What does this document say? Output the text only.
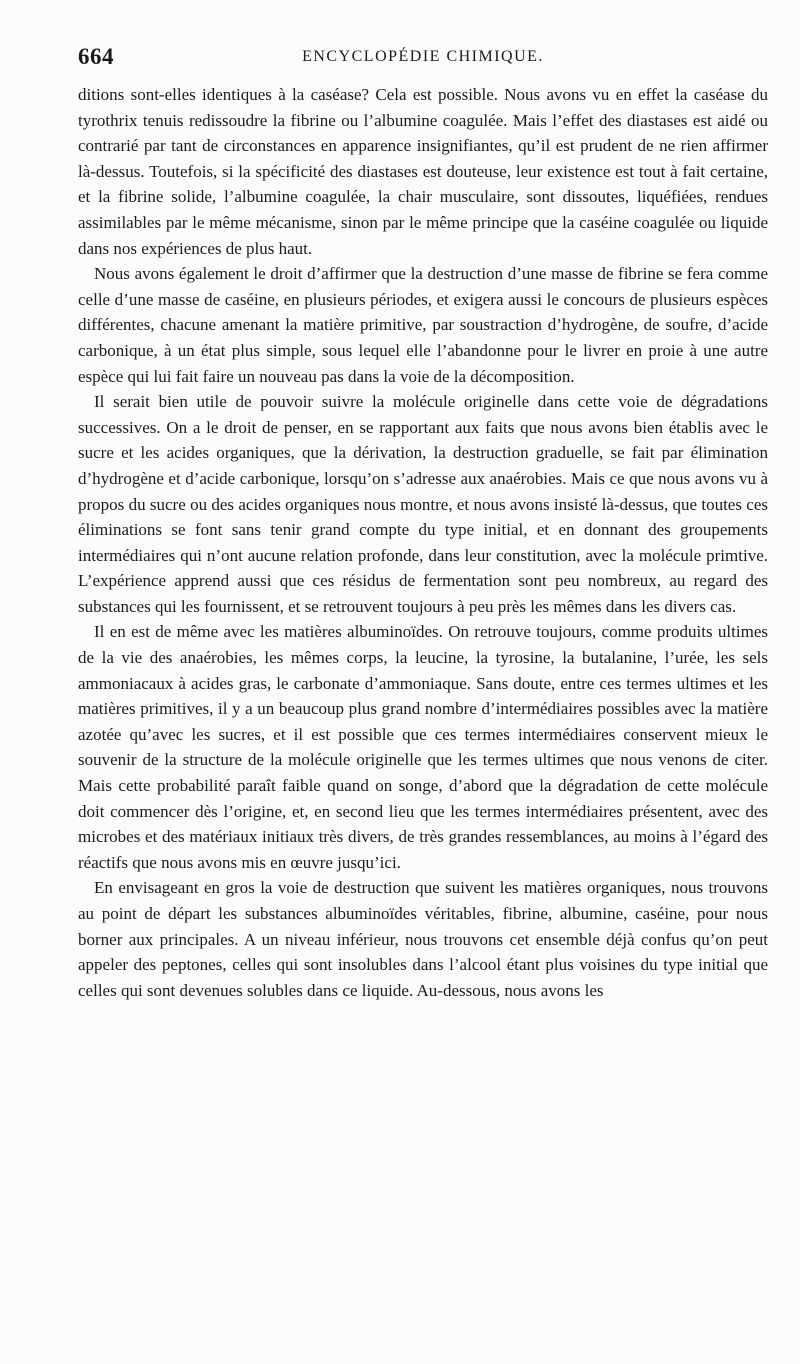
664	ENCYCLOPÉDIE CHIMIQUE.

ditions sont-elles identiques à la caséase? Cela est possible. Nous avons vu en effet la caséase du tyrothrix tenuis redissoudre la fibrine ou l’albumine coagulée. Mais l’effet des diastases est aidé ou contrarié par tant de circonstances en apparence insignifiantes, qu’il est prudent de ne rien affirmer là-dessus. Toutefois, si la spécificité des diastases est douteuse, leur existence est tout à fait certaine, et la fibrine solide, l’albumine coagulée, la chair musculaire, sont dissoutes, liquéfiées, rendues assimilables par le même mécanisme, sinon par le même principe que la caséine coagulée ou liquide dans nos expériences de plus haut.

Nous avons également le droit d’affirmer que la destruction d’une masse de fibrine se fera comme celle d’une masse de caséine, en plusieurs périodes, et exigera aussi le concours de plusieurs espèces différentes, chacune amenant la matière primitive, par soustraction d’hydrogène, de soufre, d’acide carbonique, à un état plus simple, sous lequel elle l’abandonne pour le livrer en proie à une autre espèce qui lui fait faire un nouveau pas dans la voie de la décomposition.

Il serait bien utile de pouvoir suivre la molécule originelle dans cette voie de dégradations successives. On a le droit de penser, en se rapportant aux faits que nous avons bien établis avec le sucre et les acides organiques, que la dérivation, la destruction graduelle, se fait par élimination d’hydrogène et d’acide carbonique, lorsqu’on s’adresse aux anaérobies. Mais ce que nous avons vu à propos du sucre ou des acides organiques nous montre, et nous avons insisté là-dessus, que toutes ces éliminations se font sans tenir grand compte du type initial, et en donnant des groupements intermédiaires qui n’ont aucune relation profonde, dans leur constitution, avec la molécule primtive. L’expérience apprend aussi que ces résidus de fermentation sont peu nombreux, au regard des substances qui les fournissent, et se retrouvent toujours à peu près les mêmes dans les divers cas.

Il en est de même avec les matières albuminoïdes. On retrouve toujours, comme produits ultimes de la vie des anaérobies, les mêmes corps, la leucine, la tyrosine, la butalanine, l’urée, les sels ammoniacaux à acides gras, le carbonate d’ammoniaque. Sans doute, entre ces termes ultimes et les matières primitives, il y a un beaucoup plus grand nombre d’intermédiaires possibles avec la matière azotée qu’avec les sucres, et il est possible que ces termes intermédiaires conservent mieux le souvenir de la structure de la molécule originelle que les termes ultimes que nous venons de citer. Mais cette probabilité paraît faible quand on songe, d’abord que la dégradation de cette molécule doit commencer dès l’origine, et, en second lieu que les termes intermédiaires présentent, avec des microbes et des matériaux initiaux très divers, de très grandes ressemblances, au moins à l’égard des réactifs que nous avons mis en œuvre jusqu’ici.

En envisageant en gros la voie de destruction que suivent les matières organiques, nous trouvons au point de départ les substances albuminoïdes véritables, fibrine, albumine, caséine, pour nous borner aux principales. A un niveau inférieur, nous trouvons cet ensemble déjà confus qu’on peut appeler des peptones, celles qui sont insolubles dans l’alcool étant plus voisines du type initial que celles qui sont devenues solubles dans ce liquide. Au-dessous, nous avons les
